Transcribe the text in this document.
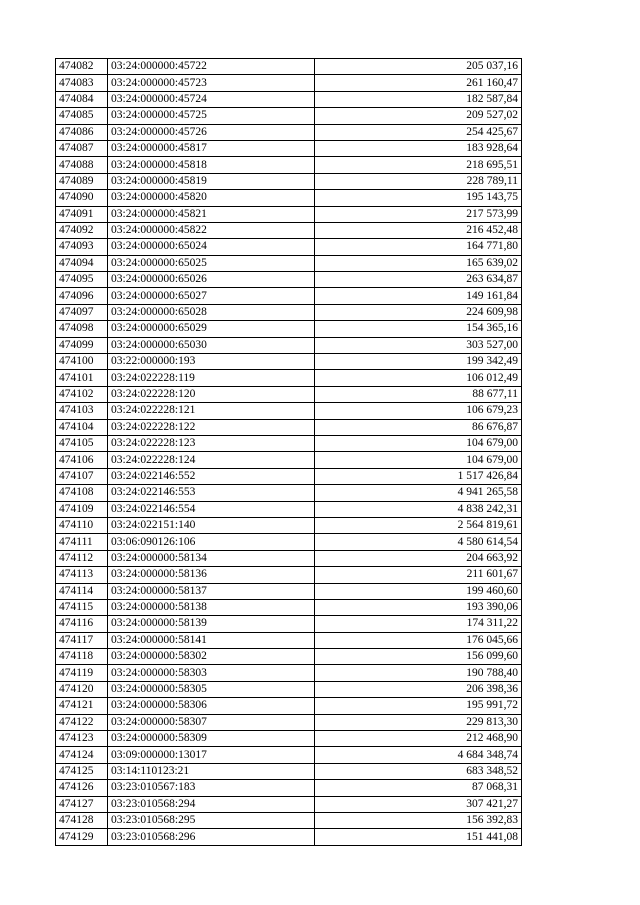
474082	03:24:000000:45722	205 037,16
474083	03:24:000000:45723	261 160,47
474084	03:24:000000:45724	182 587,84
474085	03:24:000000:45725	209 527,02
474086	03:24:000000:45726	254 425,67
474087	03:24:000000:45817	183 928,64
474088	03:24:000000:45818	218 695,51
474089	03:24:000000:45819	228 789,11
474090	03:24:000000:45820	195 143,75
474091	03:24:000000:45821	217 573,99
474092	03:24:000000:45822	216 452,48
474093	03:24:000000:65024	164 771,80
474094	03:24:000000:65025	165 639,02
474095	03:24:000000:65026	263 634,87
474096	03:24:000000:65027	149 161,84
474097	03:24:000000:65028	224 609,98
474098	03:24:000000:65029	154 365,16
474099	03:24:000000:65030	303 527,00
474100	03:22:000000:193	199 342,49
474101	03:24:022228:119	106 012,49
474102	03:24:022228:120	88 677,11
474103	03:24:022228:121	106 679,23
474104	03:24:022228:122	86 676,87
474105	03:24:022228:123	104 679,00
474106	03:24:022228:124	104 679,00
474107	03:24:022146:552	1 517 426,84
474108	03:24:022146:553	4 941 265,58
474109	03:24:022146:554	4 838 242,31
474110	03:24:022151:140	2 564 819,61
474111	03:06:090126:106	4 580 614,54
474112	03:24:000000:58134	204 663,92
474113	03:24:000000:58136	211 601,67
474114	03:24:000000:58137	199 460,60
474115	03:24:000000:58138	193 390,06
474116	03:24:000000:58139	174 311,22
474117	03:24:000000:58141	176 045,66
474118	03:24:000000:58302	156 099,60
474119	03:24:000000:58303	190 788,40
474120	03:24:000000:58305	206 398,36
474121	03:24:000000:58306	195 991,72
474122	03:24:000000:58307	229 813,30
474123	03:24:000000:58309	212 468,90
474124	03:09:000000:13017	4 684 348,74
474125	03:14:110123:21	683 348,52
474126	03:23:010567:183	87 068,31
474127	03:23:010568:294	307 421,27
474128	03:23:010568:295	156 392,83
474129	03:23:010568:296	151 441,08
